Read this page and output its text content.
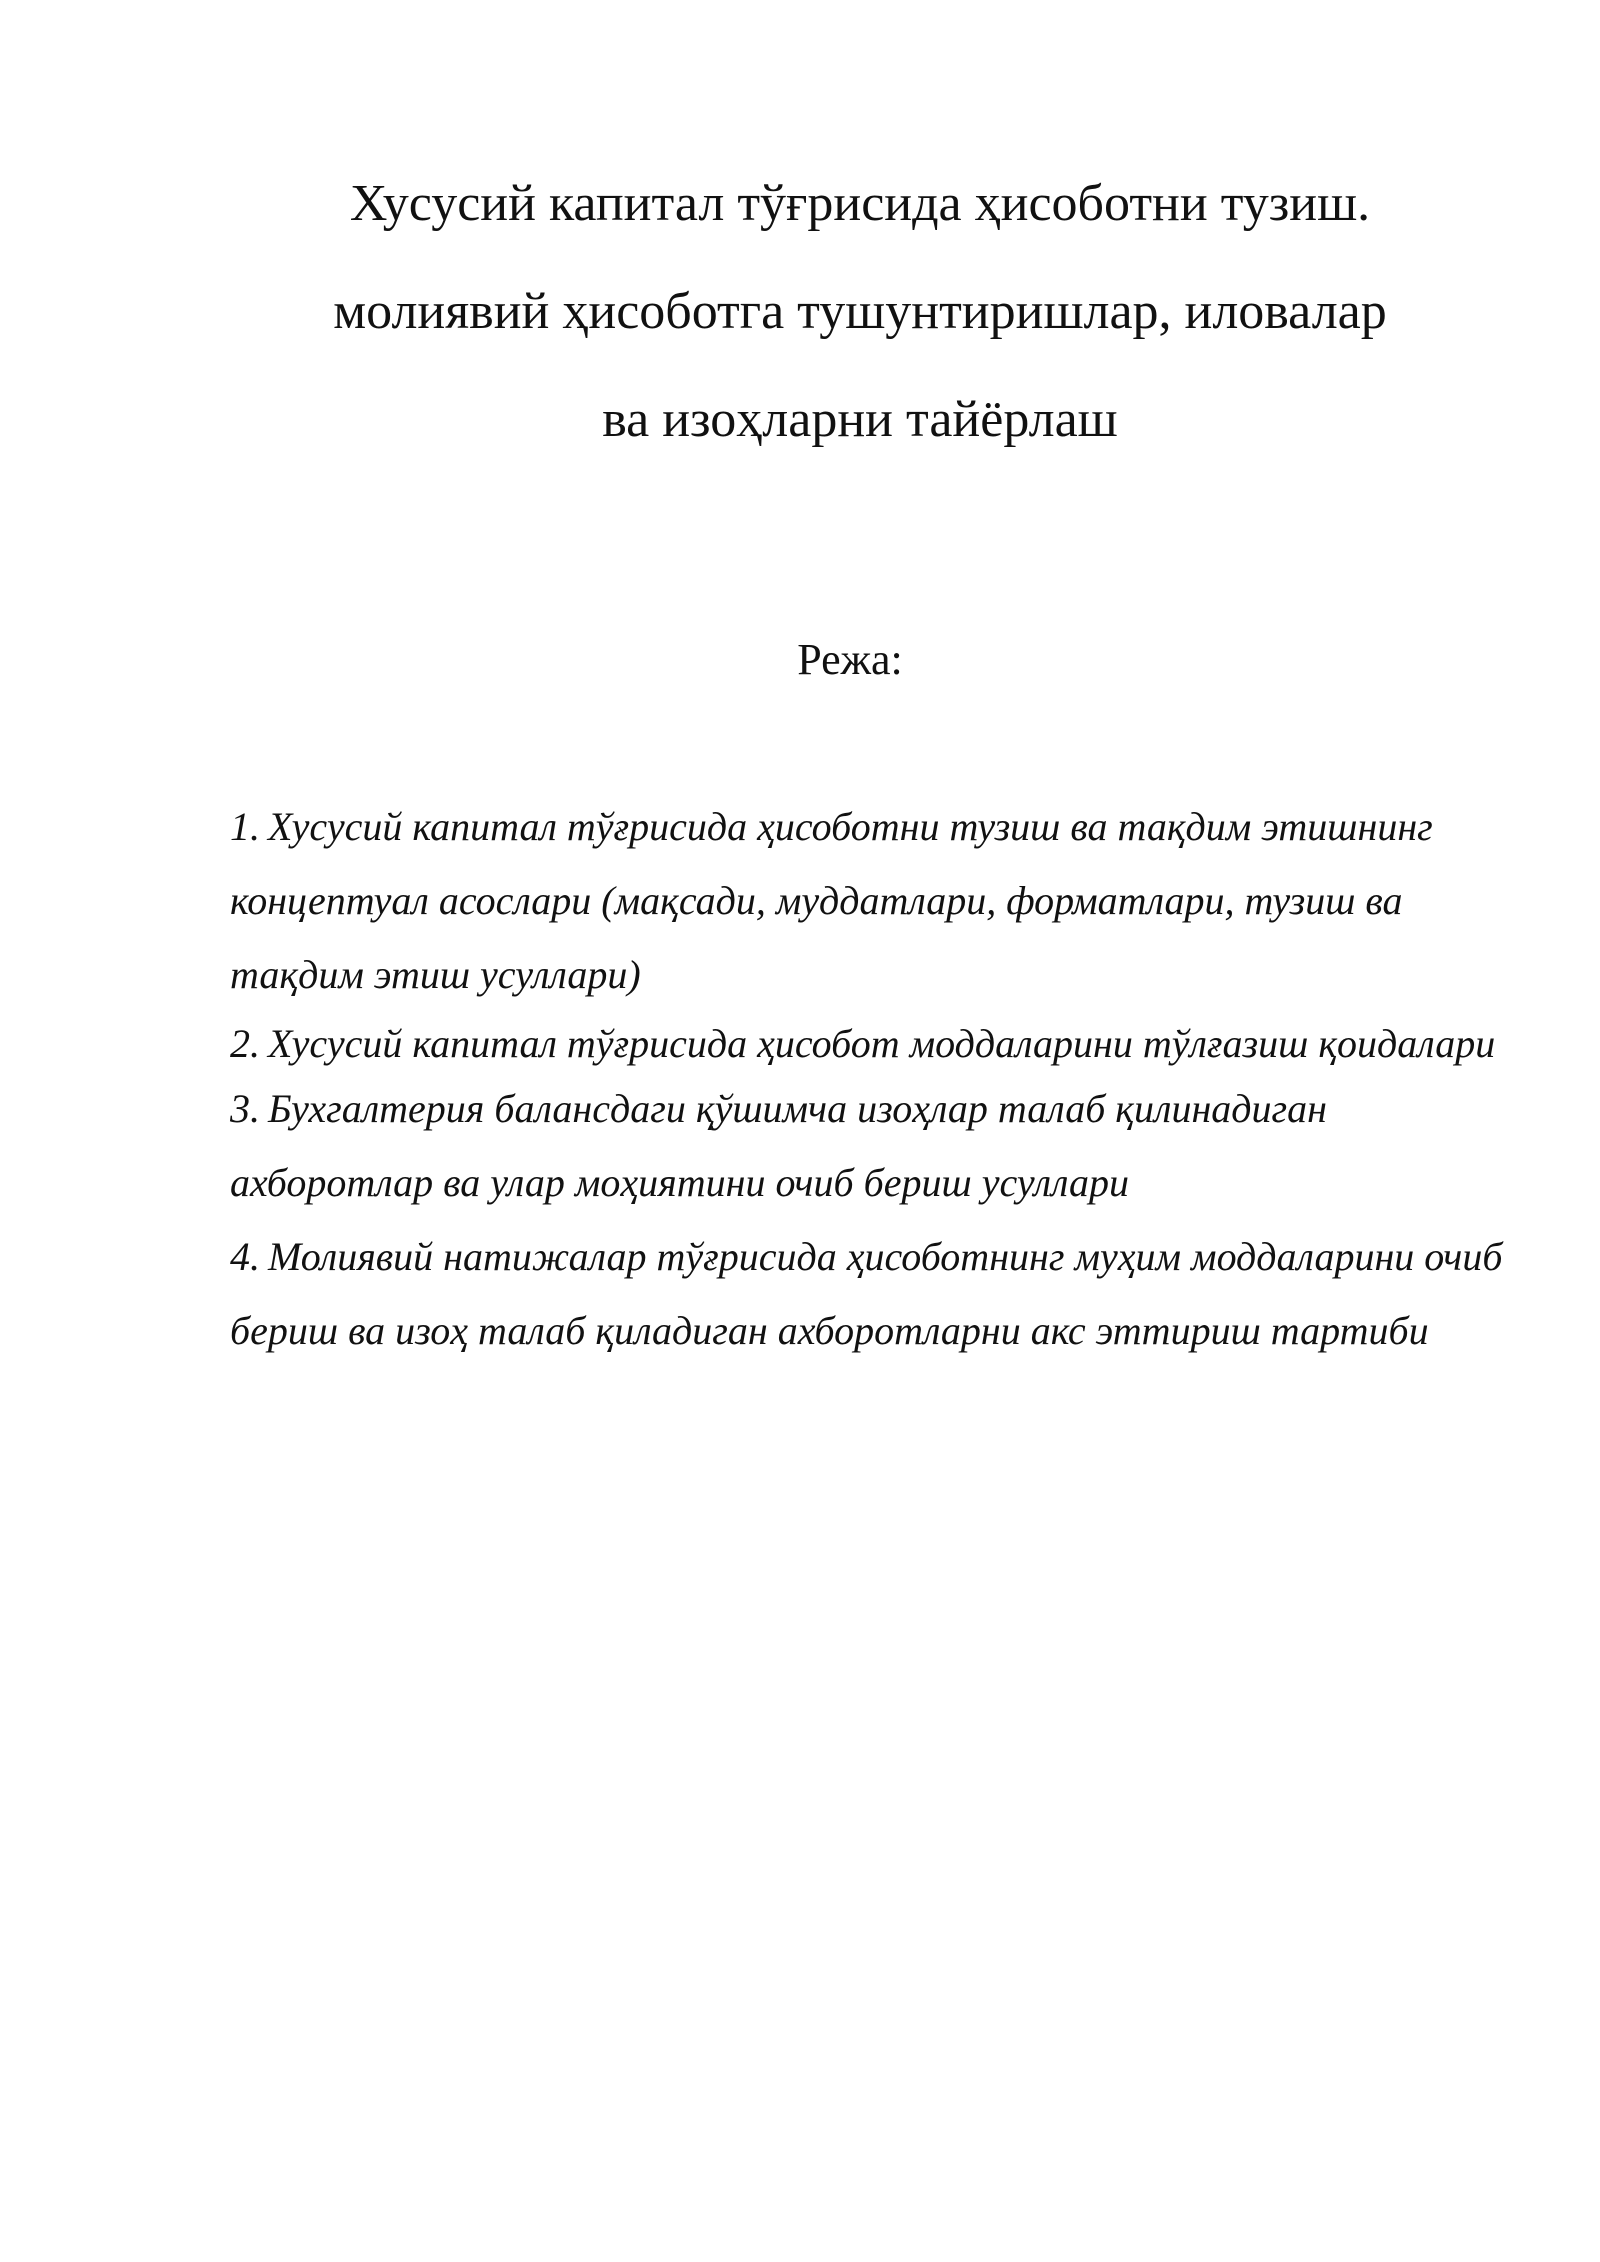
Хусусий капитал тўғрисида ҳисоботни тузиш.
молиявий ҳисоботга тушунтиришлар, иловалар
ва изоҳларни тайёрлаш
Режа:
1. Хусусий капитал тўғрисида ҳисоботни тузиш ва тақдим этишнинг концептуал асослари (мақсади, муддатлари, форматлари, тузиш ва тақдим этиш усуллари)
2. Хусусий капитал тўғрисида ҳисобот моддаларини тўлғазиш қоидалари
3. Бухгалтерия балансдаги қўшимча изоҳлар талаб қилинадиган ахборотлар ва улар моҳиятини очиб бериш усуллари
4. Молиявий натижалар тўғрисида ҳисоботнинг муҳим моддаларини очиб бериш ва изоҳ талаб қиладиган ахборотларни акс эттириш тартиби
